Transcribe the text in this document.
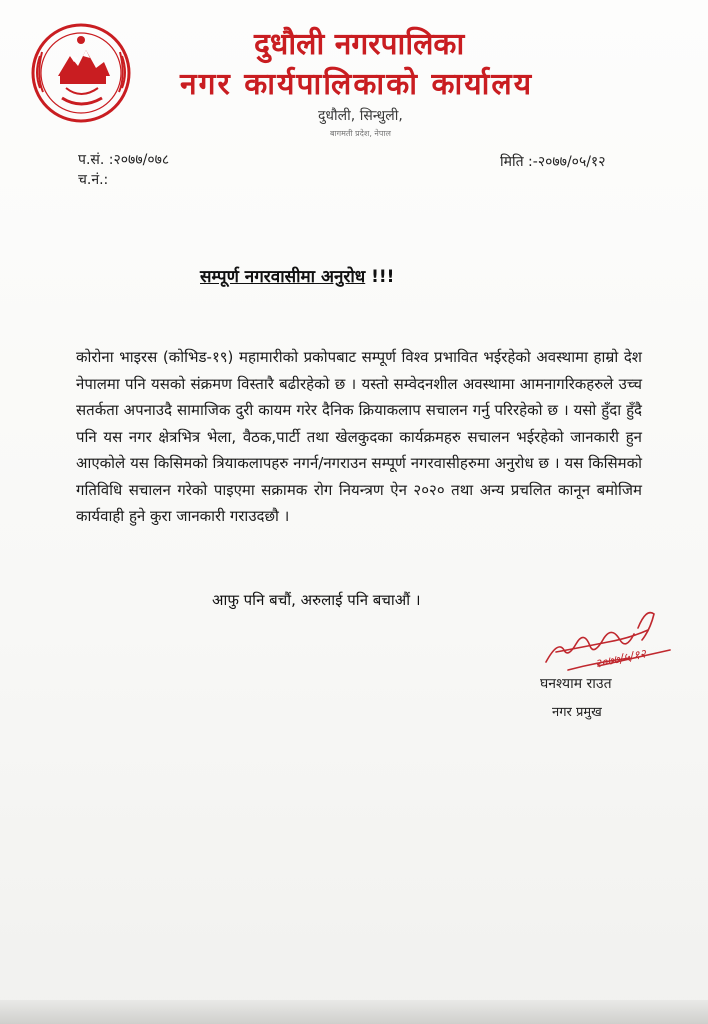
दुधौली नगरपालिका
नगर कार्यपालिकाको कार्यालय
दुधौली, सिन्धुली,
बागमती प्रदेश, नेपाल
प.सं. :२०७७/०७८
च.नं.:
मिति :-२०७७/०५/१२
सम्पूर्ण नगरवासीमा अनुरोध !!!
कोरोना भाइरस (कोभिड-१९) महामारीको प्रकोपबाट सम्पूर्ण विश्व प्रभावित भईरहेको अवस्थामा हाम्रो देश नेपालमा पनि यसको संक्रमण विस्तारै बढीरहेको छ । यस्तो सम्वेदनशील अवस्थामा आमनागरिकहरुले उच्च सतर्कता अपनाउदै सामाजिक दुरी कायम गरेर दैनिक क्रियाकलाप सचालन गर्नु परिरहेको छ । यसो हुँदा हुँदै पनि यस नगर क्षेत्रभित्र भेला, वैठक,पार्टी तथा खेलकुदका कार्यक्रमहरु सचालन भईरहेको जानकारी हुन आएकोले यस किसिमको त्रियाकलापहरु नगर्न/नगराउन सम्पूर्ण नगरवासीहरुमा अनुरोध छ । यस किसिमको गतिविधि सचालन गरेको पाइएमा सक्रामक रोग नियन्त्रण ऐन २०२० तथा अन्य प्रचलित कानून बमोजिम कार्यवाही हुने कुरा जानकारी गराउदछौ ।
आफु पनि बचौं, अरुलाई पनि बचाऔं ।
२०७७/५/१२
घनश्याम राउत
नगर प्रमुख
